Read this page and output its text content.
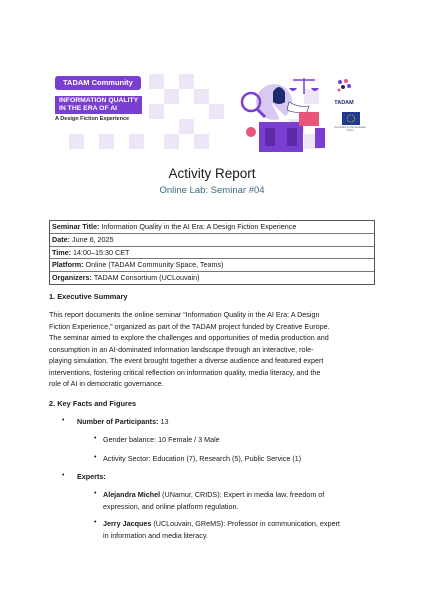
TADAM Community
INFORMATION QUALITY
IN THE ERA OF AI
A Design Fiction Experience
TADAM
Co-funded by the European Union
Activity Report
Online Lab: Seminar #04
Seminar Title: Information Quality in the AI Era: A Design Fiction Experience
Date: June 6, 2025
Time: 14:00–15:30 CET
Platform: Online (TADAM Community Space, Teams)
Organizers: TADAM Consortium (UCLouvain)
1. Executive Summary
This report documents the online seminar “Information Quality in the AI Era: A Design
Fiction Experience,” organized as part of the TADAM project funded by Creative Europe.
The seminar aimed to explore the challenges and opportunities of media production and
consumption in an AI-dominated information landscape through an interactive, role-
playing simulation. The event brought together a diverse audience and featured expert
interventions, fostering critical reflection on information quality, media literacy, and the
role of AI in democratic governance.
2. Key Facts and Figures
• Number of Participants: 13
• Gender balance: 10 Female / 3 Male
• Activity Sector: Education (7), Research (5), Public Service (1)
• Experts:
• Alejandra Michel (UNamur, CRIDS): Expert in media law, freedom of
expression, and online platform regulation.
• Jerry Jacques (UCLouvain, GReMS): Professor in communication, expert
in information and media literacy.
